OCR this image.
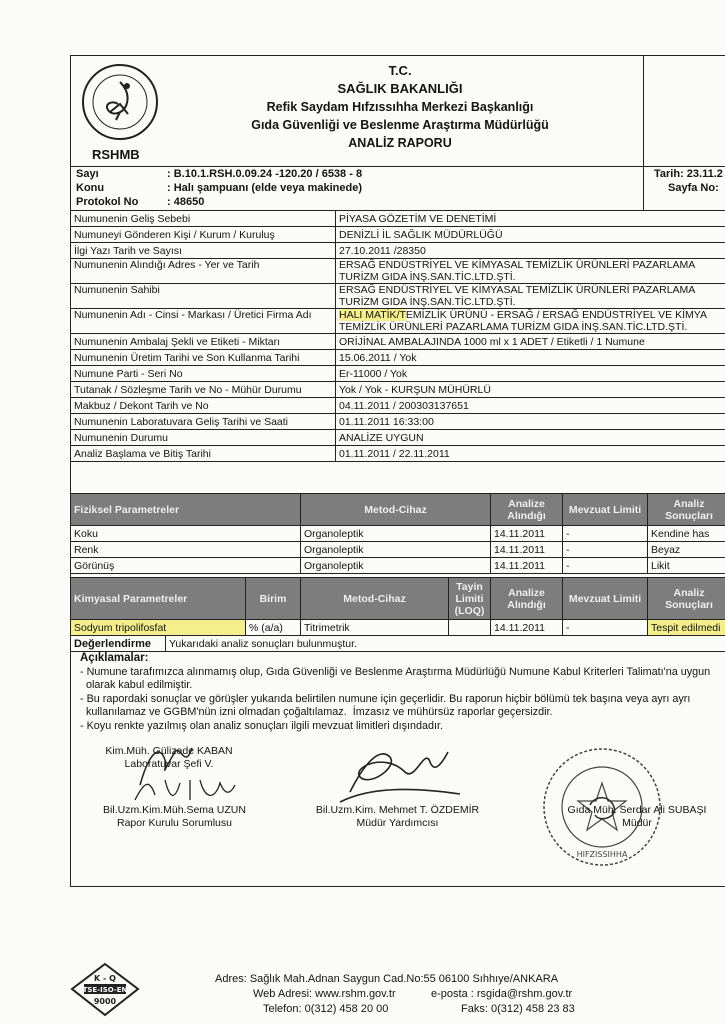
RSHMB
T.C.
SAĞLIK BAKANLIĞI
Refik Saydam Hıfzıssıhha Merkezi Başkanlığı
Gıda Güvenliği ve Beslenme Araştırma Müdürlüğü
ANALİZ RAPORU
Sayı	: B.10.1.RSH.0.09.24 -120.20 / 6538 - 8
Konu	: Halı şampuanı (elde veya makinede)
Protokol No	: 48650
Tarih: 23.11.2
Sayfa No:
Numunenin Geliş Sebebi	PİYASA GÖZETİM VE DENETİMİ

Numuneyi Gönderen Kişi / Kurum / Kuruluş	DENİZLİ İL SAĞLIK MÜDÜRLÜĞÜ

İlgi Yazı Tarih ve Sayısı	27.10.2011 /28350

Numunenin Alındığı Adres - Yer ve Tarih	ERSAĞ ENDÜSTRİYEL VE KİMYASAL TEMİZLİK ÜRÜNLERİ PAZARLAMA
TURİZM GIDA İNŞ.SAN.TİC.LTD.ŞTİ.

Numunenin Sahibi	ERSAĞ ENDÜSTRİYEL VE KİMYASAL TEMİZLİK ÜRÜNLERİ PAZARLAMA
TURİZM GIDA İNŞ.SAN.TİC.LTD.ŞTİ.

Numunenin Adı - Cinsi - Markası / Üretici Firma Adı	HALI MATİK/TEMİZLİK ÜRÜNÜ - ERSAĞ / ERSAĞ ENDÜSTRİYEL VE KİMYA
TEMİZLİK ÜRÜNLERİ PAZARLAMA TURİZM GIDA İNŞ.SAN.TİC.LTD.ŞTİ.

Numunenin Ambalaj Şekli ve Etiketi - Miktarı	ORİJİNAL AMBALAJINDA 1000 ml x 1 ADET / Etiketli / 1 Numune

Numunenin Üretim Tarihi ve Son Kullanma Tarihi	15.06.2011 / Yok

Numune Parti - Seri No	Er-11000 / Yok

Tutanak / Sözleşme Tarih ve No - Mühür Durumu	Yok / Yok - KURŞUN MÜHÜRLÜ

Makbuz / Dekont Tarih ve No	04.11.2011 / 200303137651

Numunenin Laboratuvara Geliş Tarihi ve Saati	01.11.2011 16:33:00

Numunenin Durumu	ANALİZE UYGUN

Analiz Başlama ve Bitiş Tarihi	01.11.2011 / 22.11.2011
Fiziksel Parametreler	Metod-Cihaz	Analize Alındığı	Mevzuat Limiti	Analiz Sonuçları
Koku	Organoleptik	14.11.2011	-	Kendine has
Renk	Organoleptik	14.11.2011	-	Beyaz
Görünüş	Organoleptik	14.11.2011	-	Likit
Kimyasal Parametreler	Birim	Metod-Cihaz	Tayin Limiti (LOQ)	Analize Alındığı	Mevzuat Limiti	Analiz Sonuçları
Sodyum tripolifosfat	% (a/a)	Titrimetrik		14.11.2011	-	Tespit edilmedi
Değerlendirme	Yukarıdaki analiz sonuçları bulunmuştur.
Açıklamalar:
- Numune tarafımızca alınmamış olup, Gıda Güvenliği ve Beslenme Araştırma Müdürlüğü Numune Kabul Kriterleri Talimatı'na uygun
olarak kabul edilmiştir.
- Bu rapordaki sonuçlar ve görüşler yukarıda belirtilen numune için geçerlidir. Bu raporun hiçbir bölümü tek başına veya ayrı ayrı
kullanılamaz ve GGBM'nün izni olmadan çoğaltılamaz.  İmzasız ve mühürsüz raporlar geçersizdir.
- Koyu renkte yazılmış olan analiz sonuçları ilgili mevzuat limitleri dışındadır.
Kim.Müh. Gülizade KABAN
Laboratuvar Şefi V.
Bil.Uzm.Kim.Müh.Sema UZUN
Rapor Kurulu Sorumlusu
Bil.Uzm.Kim. Mehmet T. ÖZDEMİR
Müdür Yardımcısı
HIFZISSIHHA
Gıda Müh. Serdar Ali SUBAŞI
Müdür
K - Q
TSE-ISO-EN
9000
Adres: Sağlık Mah.Adnan Saygun Cad.No:55 06100 Sıhhıye/ANKARA
Web Adresi: www.rshm.gov.tr	e-posta : rsgida@rshm.gov.tr
Telefon: 0(312) 458 20 00	Faks: 0(312) 458 23 83
